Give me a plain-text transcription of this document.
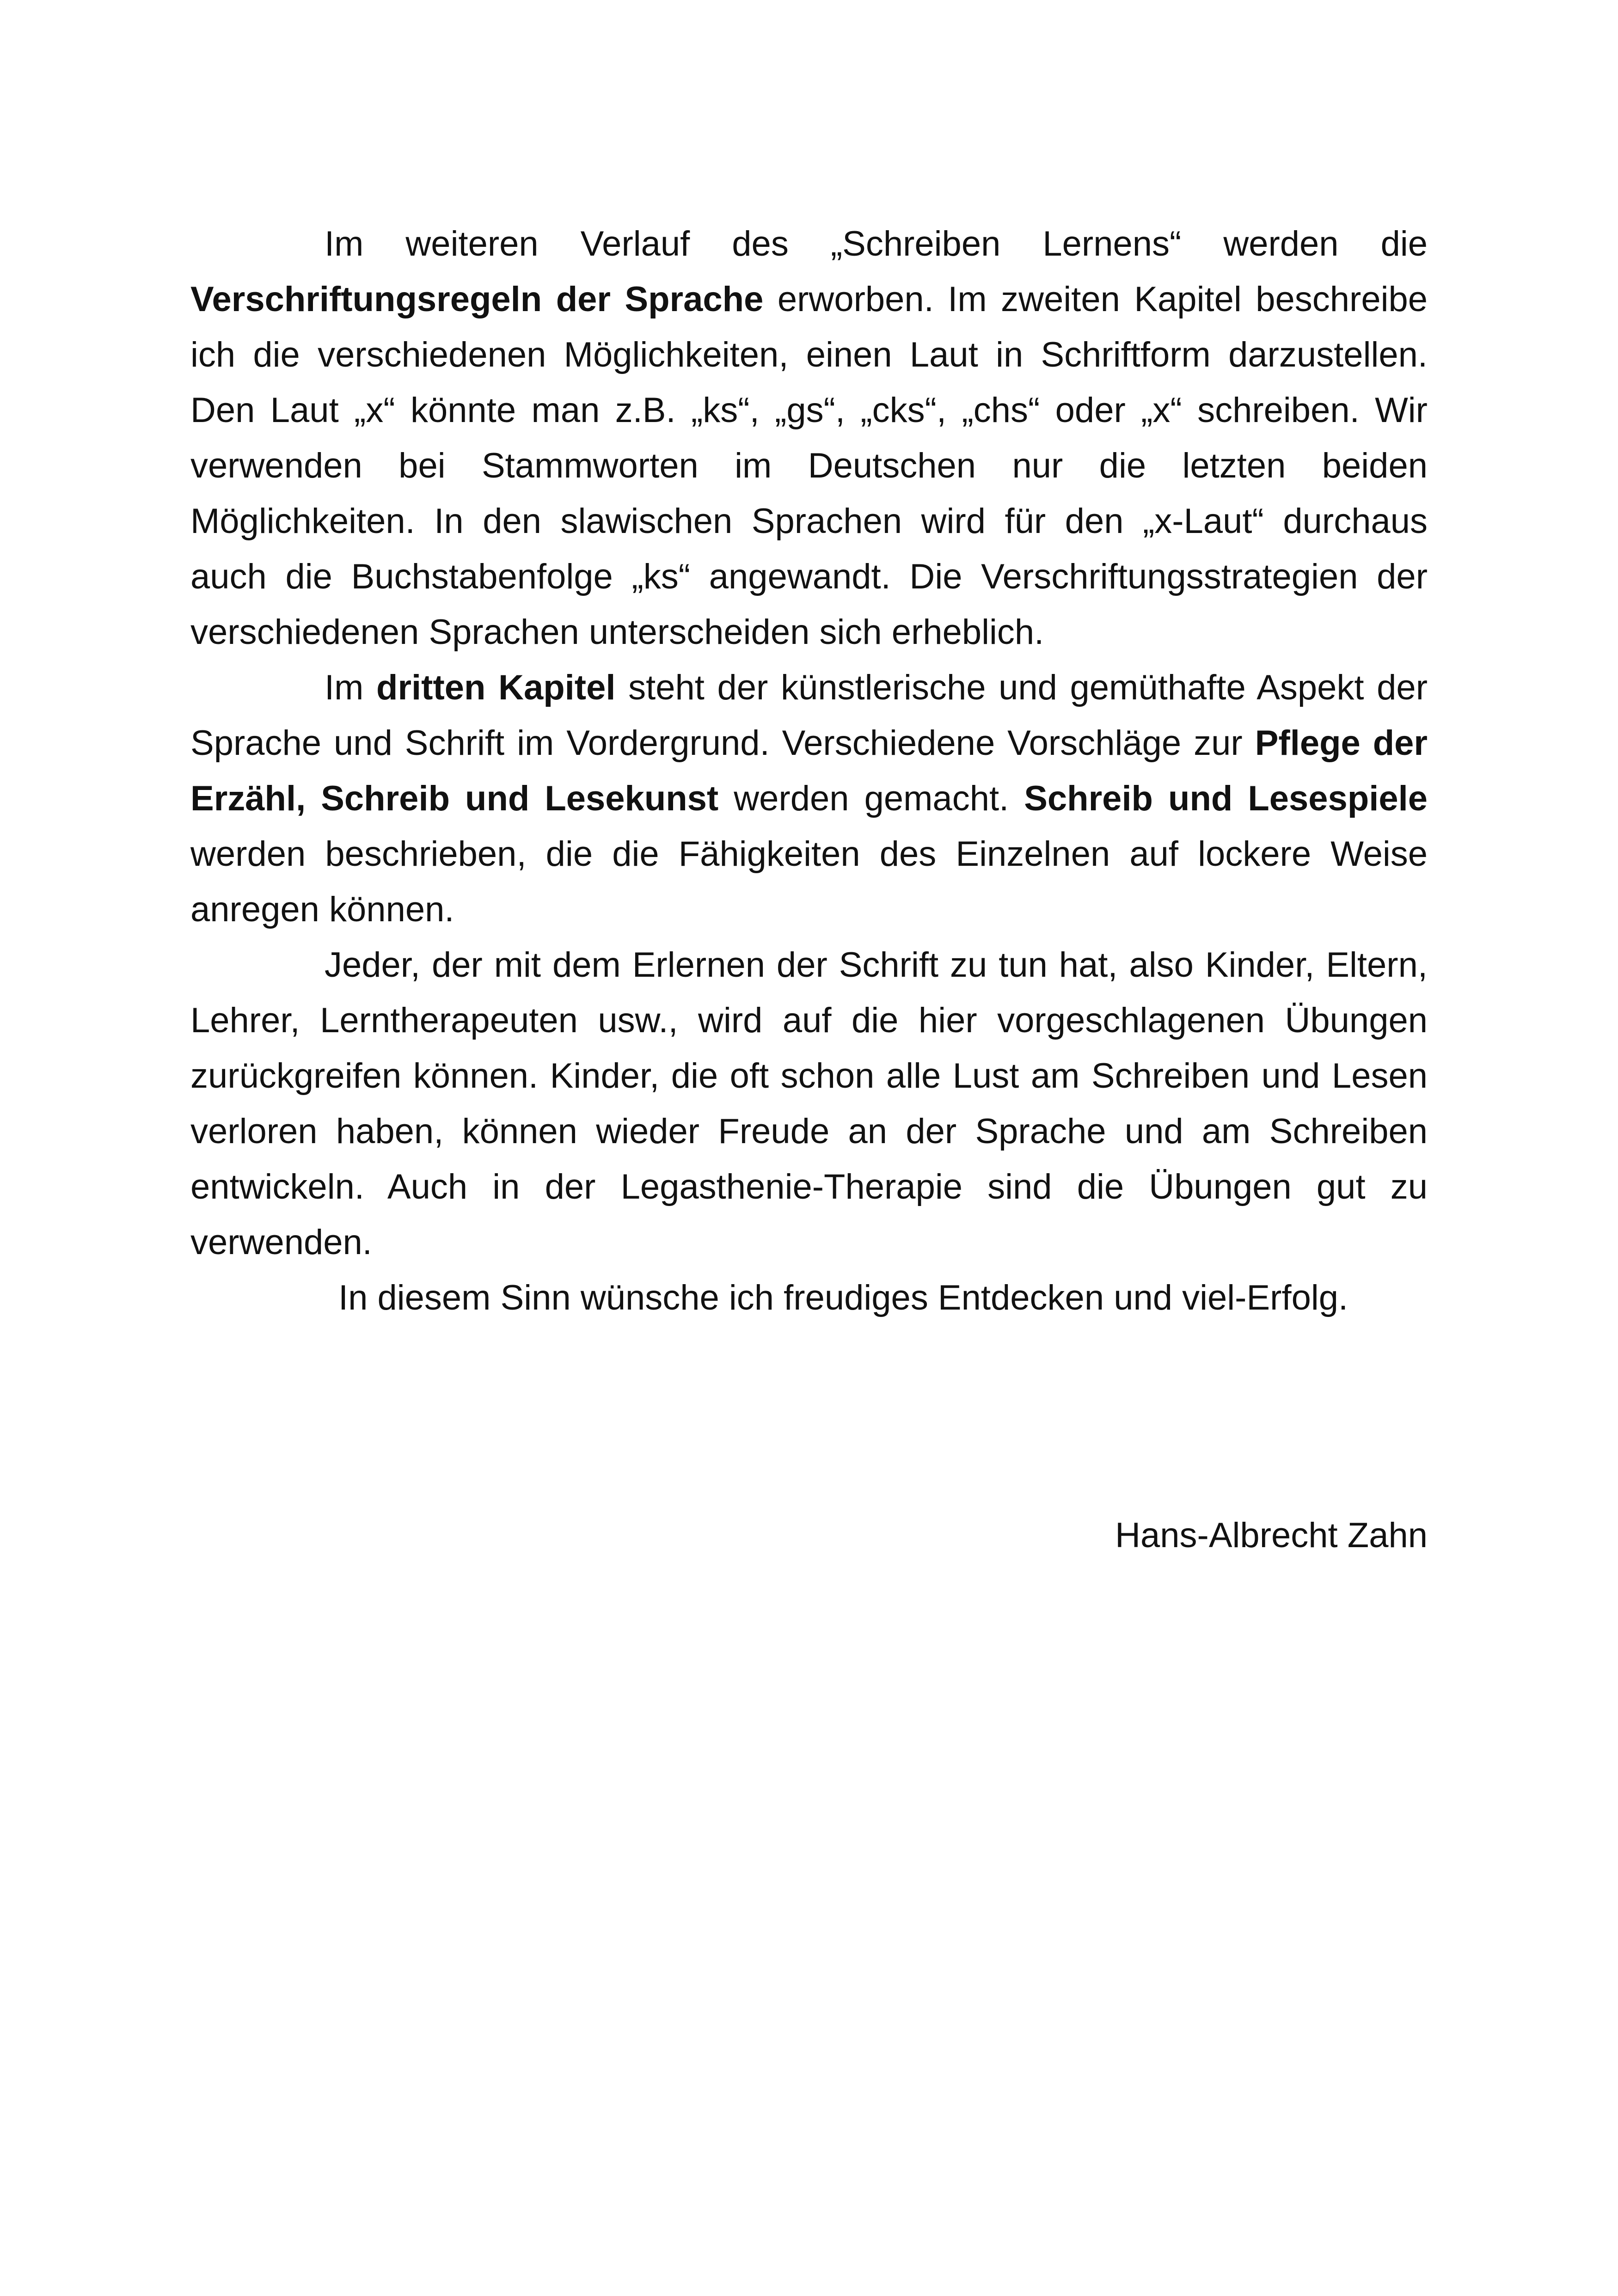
Im weiteren Verlauf des „Schreiben Lernens“ werden die Verschriftungsregeln der Sprache erworben. Im zweiten Kapitel beschreibe ich die verschiedenen Möglichkeiten, einen Laut in Schriftform darzustellen. Den Laut „x“ könnte man z.B. „ks“, „gs“, „cks“, „chs“ oder „x“ schreiben. Wir verwenden bei Stammworten im Deutschen nur die letzten beiden Möglichkeiten. In den slawischen Sprachen wird für den „x-Laut“ durchaus auch die Buchstabenfolge „ks“ angewandt. Die Verschriftungsstrategien der verschiedenen Sprachen unterscheiden sich erheblich.

Im dritten Kapitel steht der künstlerische und gemüthafte Aspekt der Sprache und Schrift im Vordergrund. Verschiedene Vorschläge zur Pflege der Erzähl, Schreib und Lesekunst werden gemacht. Schreib und Lesespiele werden beschrieben, die die Fähigkeiten des Einzelnen auf lockere Weise anregen können.

Jeder, der mit dem Erlernen der Schrift zu tun hat, also Kinder, Eltern, Lehrer, Lerntherapeuten usw., wird auf die hier vorgeschlagenen Übungen zurückgreifen können. Kinder, die oft schon alle Lust am Schreiben und Lesen verloren haben, können wieder Freude an der Sprache und am Schreiben entwickeln. Auch in der Legasthenie-Therapie sind die Übungen gut zu verwenden.

In diesem Sinn wünsche ich freudiges Entdecken und viel-Erfolg.

Hans-Albrecht Zahn
